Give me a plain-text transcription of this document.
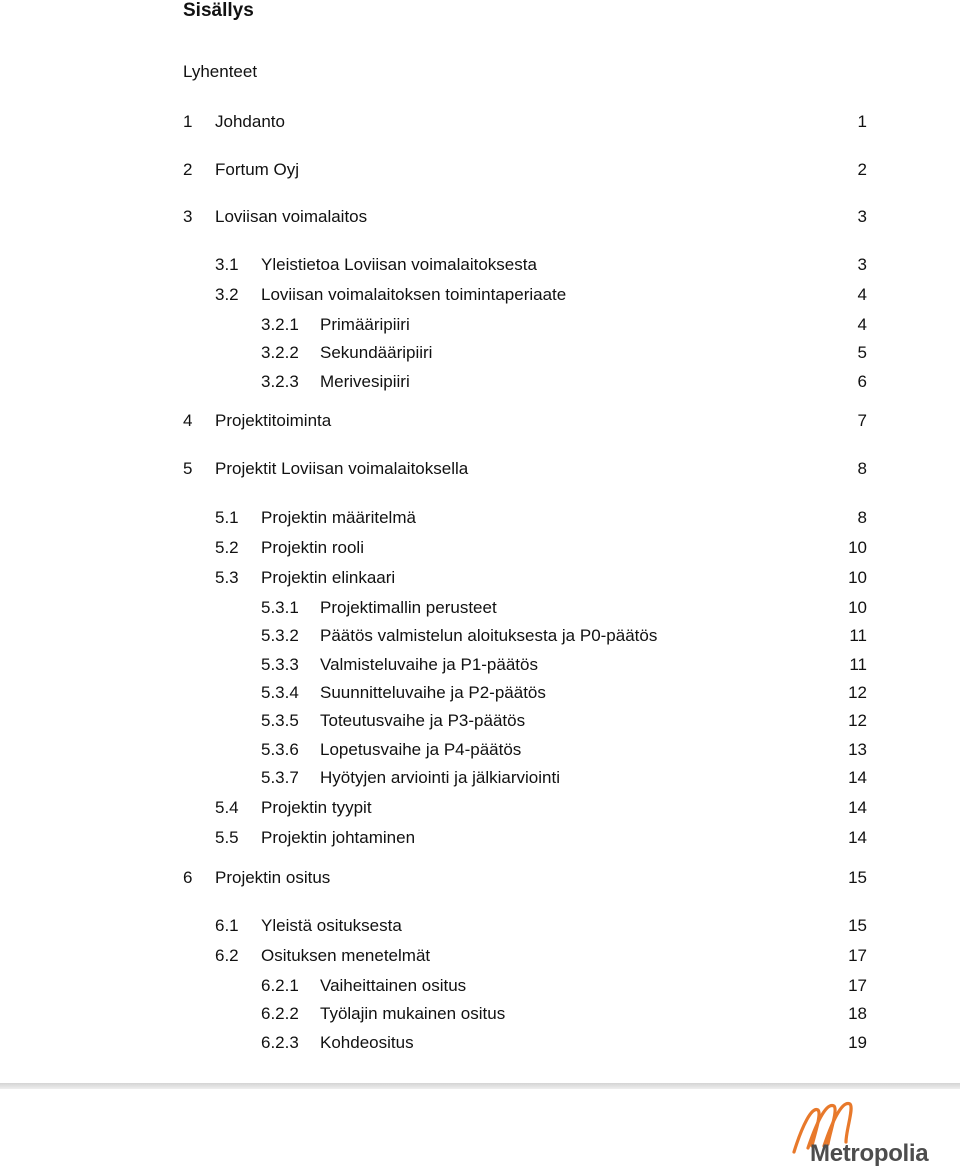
Sisällys
Lyhenteet
1 Johdanto	1
2 Fortum Oyj	2
3 Loviisan voimalaitos	3
3.1 Yleistietoa Loviisan voimalaitoksesta	3
3.2 Loviisan voimalaitoksen toimintaperiaate	4
3.2.1 Primääripiiri	4
3.2.2 Sekundääripiiri	5
3.2.3 Merivesipiiri	6
4 Projektitoiminta	7
5 Projektit Loviisan voimalaitoksella	8
5.1 Projektin määritelmä	8
5.2 Projektin rooli	10
5.3 Projektin elinkaari	10
5.3.1 Projektimallin perusteet	10
5.3.2 Päätös valmistelun aloituksesta ja P0-päätös	11
5.3.3 Valmisteluvaihe ja P1-päätös	11
5.3.4 Suunnitteluvaihe ja P2-päätös	12
5.3.5 Toteutusvaihe ja P3-päätös	12
5.3.6 Lopetusvaihe ja P4-päätös	13
5.3.7 Hyötyjen arviointi ja jälkiarviointi	14
5.4 Projektin tyypit	14
5.5 Projektin johtaminen	14
6 Projektin ositus	15
6.1 Yleistä osituksesta	15
6.2 Osituksen menetelmät	17
6.2.1 Vaiheittainen ositus	17
6.2.2 Työlajin mukainen ositus	18
6.2.3 Kohdeositus	19
Metropolia
